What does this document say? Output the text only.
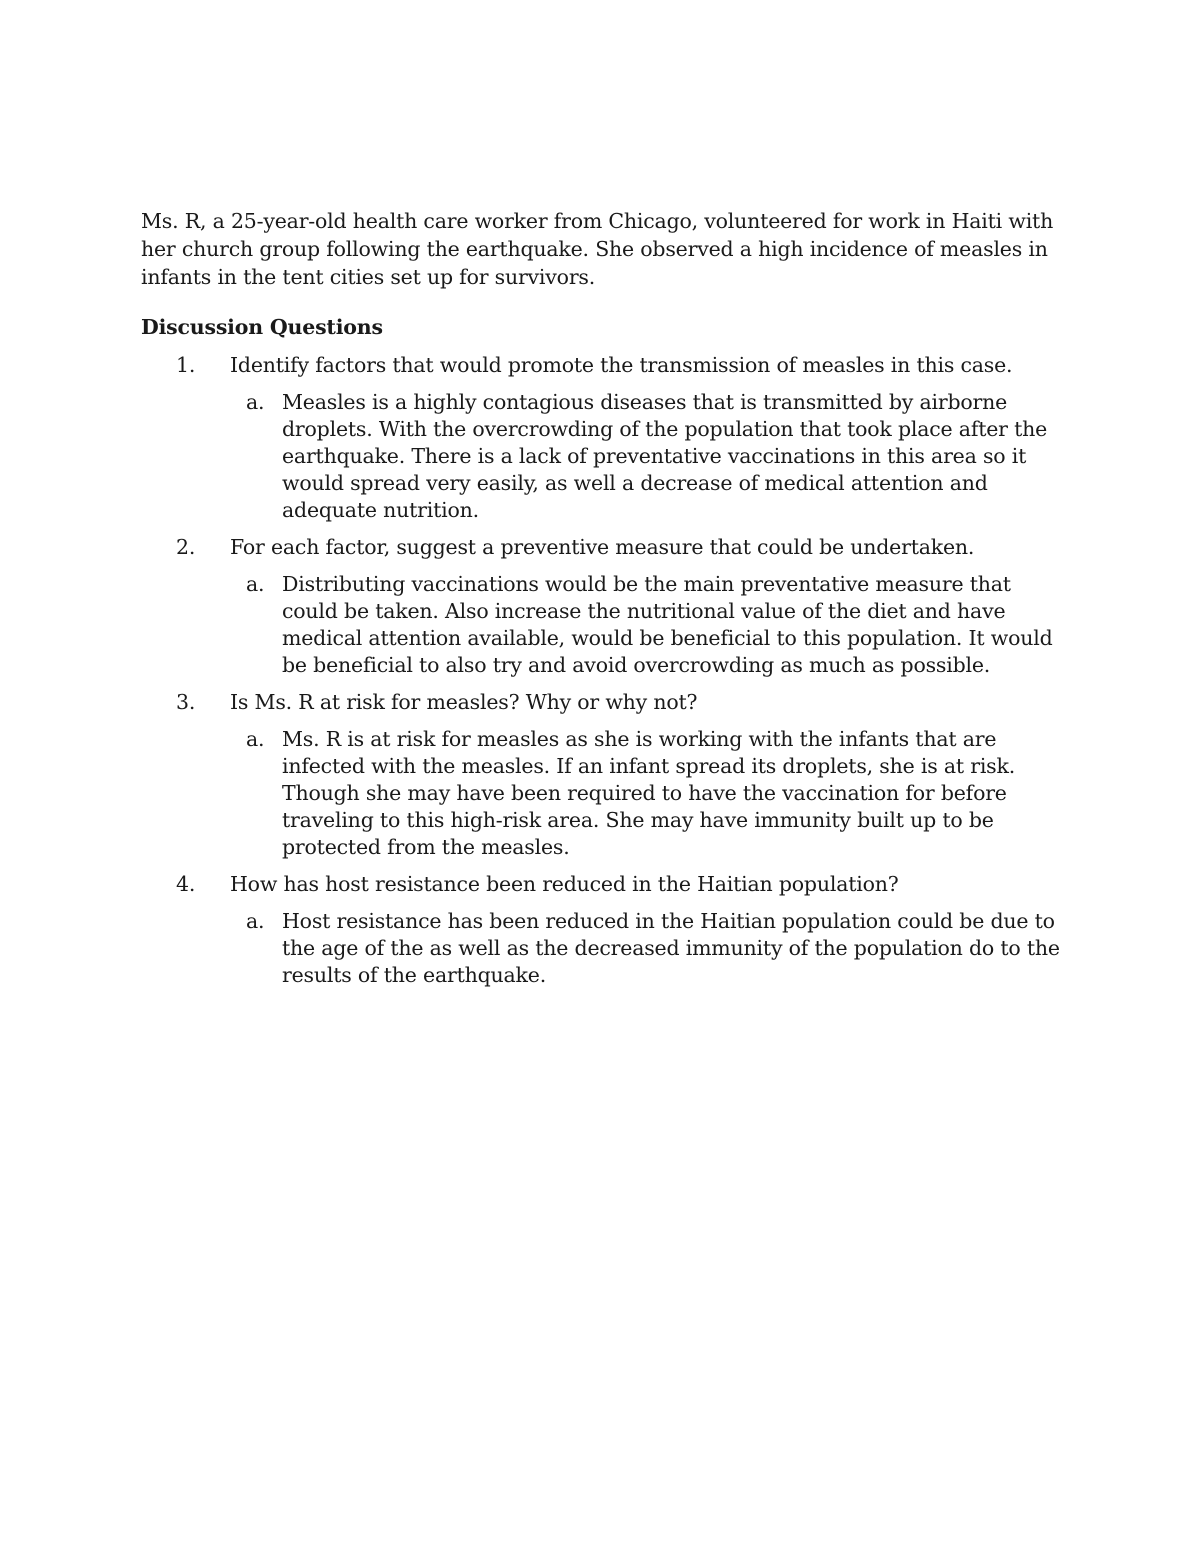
Ms. R, a 25-year-old health care worker from Chicago, volunteered for work in Haiti with her church group following the earthquake. She observed a high incidence of measles in infants in the tent cities set up for survivors.

Discussion Questions
1. Identify factors that would promote the transmission of measles in this case.
a. Measles is a highly contagious diseases that is transmitted by airborne droplets. With the overcrowding of the population that took place after the earthquake. There is a lack of preventative vaccinations in this area so it would spread very easily, as well a decrease of medical attention and adequate nutrition.
2. For each factor, suggest a preventive measure that could be undertaken.
a. Distributing vaccinations would be the main preventative measure that could be taken. Also increase the nutritional value of the diet and have medical attention available, would be beneficial to this population. It would be beneficial to also try and avoid overcrowding as much as possible.
3. Is Ms. R at risk for measles? Why or why not?
a. Ms. R is at risk for measles as she is working with the infants that are infected with the measles. If an infant spread its droplets, she is at risk. Though she may have been required to have the vaccination for before traveling to this high-risk area. She may have immunity built up to be protected from the measles.
4. How has host resistance been reduced in the Haitian population?
a. Host resistance has been reduced in the Haitian population could be due to the age of the as well as the decreased immunity of the population do to the results of the earthquake.
